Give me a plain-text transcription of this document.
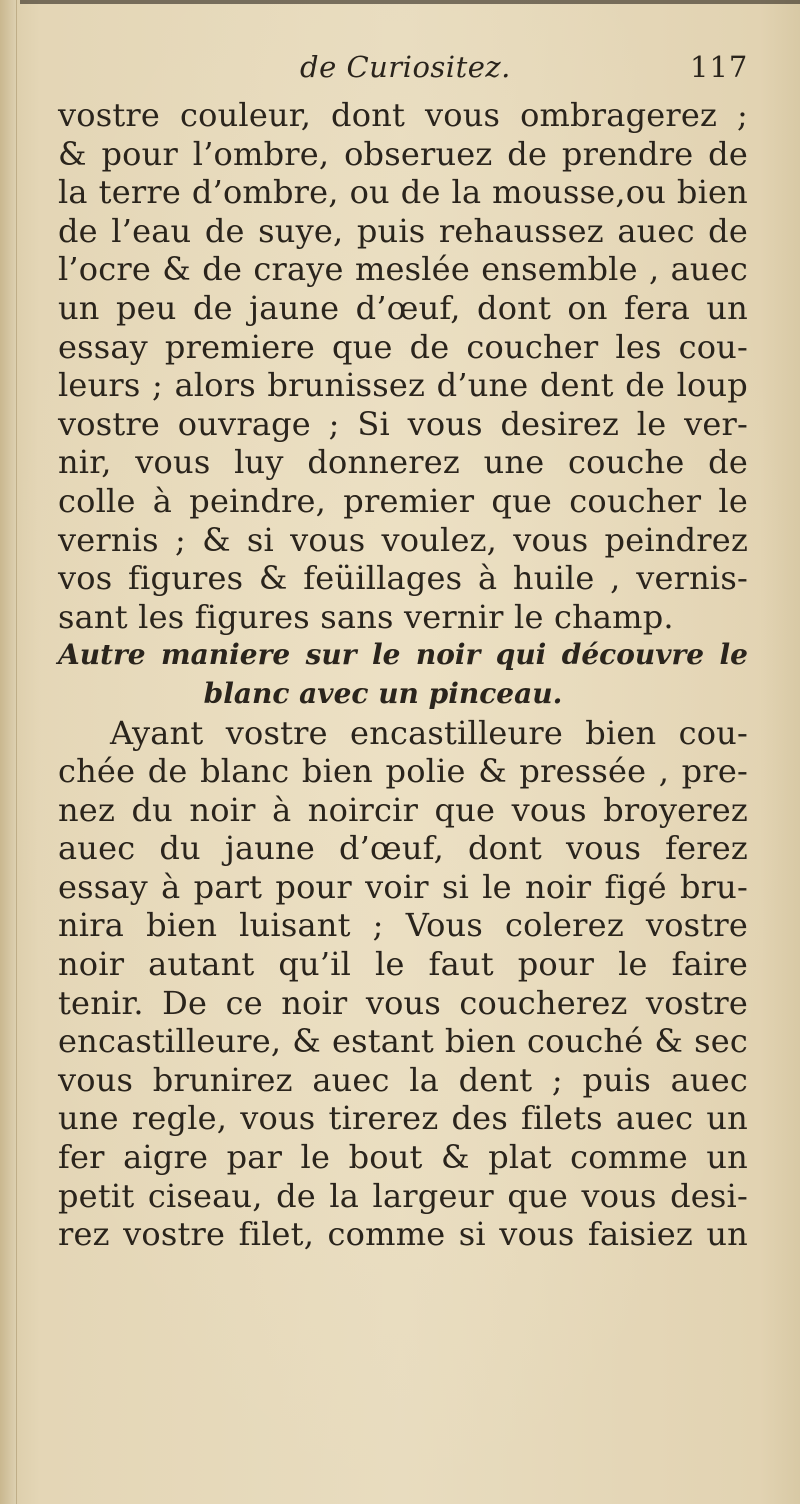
de Curiositez.	117
vostre couleur, dont vous ombragerez ;
& pour l’ombre, obseruez de prendre de
la terre d’ombre, ou de la mousse,ou bien
de l’eau de suye, puis rehaussez auec de
l’ocre & de craye meslée ensemble , auec
un peu de jaune d’œuf, dont on fera un
essay premiere que de coucher les cou-
leurs ; alors brunissez d’une dent de loup
vostre ouvrage ; Si vous desirez le ver-
nir, vous luy donnerez une couche de
colle à peindre, premier que coucher le
vernis ; & si vous voulez, vous peindrez
vos figures & feüillages à huile , vernis-
sant les figures sans vernir le champ.
Autre maniere sur le noir qui découvre le
blanc avec un pinceau.
Ayant vostre encastilleure bien cou-
chée de blanc bien polie & pressée , pre-
nez du noir à noircir que vous broyerez
auec du jaune d’œuf, dont vous ferez
essay à part pour voir si le noir figé bru-
nira bien luisant ; Vous colerez vostre
noir autant qu’il le faut pour le faire
tenir. De ce noir vous coucherez vostre
encastilleure, & estant bien couché & sec
vous brunirez auec la dent ; puis auec
une regle, vous tirerez des filets auec un
fer aigre par le bout & plat comme un
petit ciseau, de la largeur que vous desi-
rez vostre filet, comme si vous faisiez un
